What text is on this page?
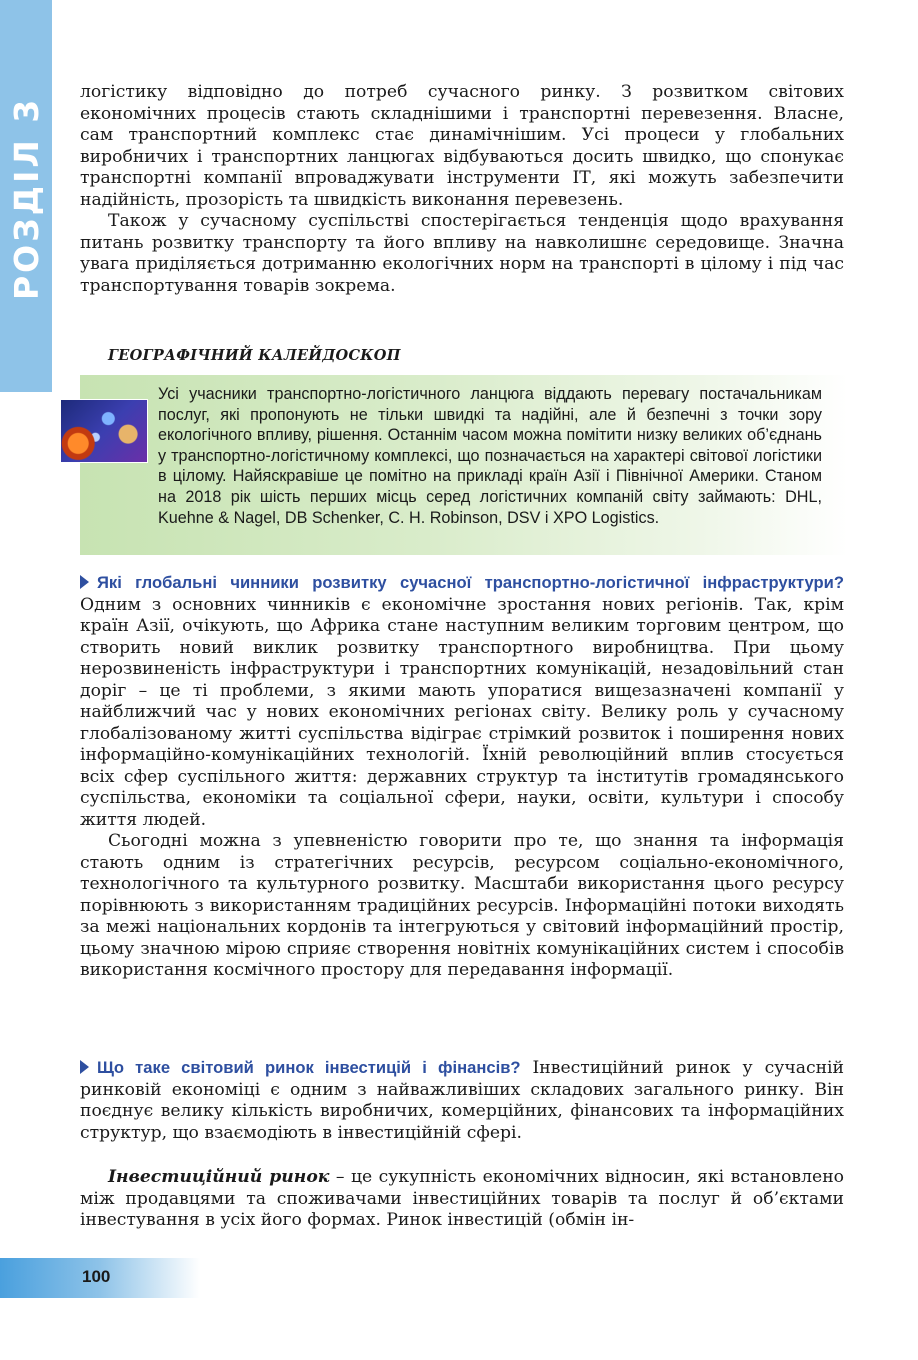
РОЗДІЛ 3

логістику відповідно до потреб сучасного ринку. З розвитком світових економічних процесів стають складнішими і транспортні перевезення. Власне, сам транспортний комплекс стає динамічнішим. Усі процеси у глобальних виробничих і транспортних ланцюгах відбуваються досить швидко, що спонукає транспортні компанії впроваджувати інструменти ІТ, які можуть забезпечити надійність, прозорість та швидкість виконання перевезень.

Також у сучасному суспільстві спостерігається тенденція щодо врахування питань розвитку транспорту та його впливу на навколишнє середовище. Значна увага приділяється дотриманню екологічних норм на транспорті в цілому і під час транспортування товарів зокрема.

ГЕОГРАФІЧНИЙ КАЛЕЙДОСКОП

Усі учасники транспортно-логістичного ланцюга віддають перевагу постачальникам послуг, які пропонують не тільки швидкі та надійні, але й безпечні з точки зору екологічного впливу, рішення. Останнім часом можна помітити низку великих об’єднань у транспортно-логістичному комплексі, що позначається на характері світової логістики в цілому. Найяскравіше це помітно на прикладі країн Азії і Північної Америки. Станом на 2018 рік шість перших місць серед логістичних компаній світу займають: DHL, Kuehne & Nagel, DB Schenker, C. H. Robinson, DSV і XPO Logistics.

Які глобальні чинники розвитку сучасної транспортно-логістичної інфраструктури? Одним з основних чинників є економічне зростання нових регіонів. Так, крім країн Азії, очікують, що Африка стане наступним великим торговим центром, що створить новий виклик розвитку транспортного виробництва. При цьому нерозвиненість інфраструктури і транспортних комунікацій, незадовільний стан доріг – це ті проблеми, з якими мають упоратися вищезазначені компанії у найближчий час у нових економічних регіонах світу. Велику роль у сучасному глобалізованому житті суспільства відіграє стрімкий розвиток і поширення нових інформаційно-комунікаційних технологій. Їхній революційний вплив стосується всіх сфер суспільного життя: державних структур та інститутів громадянського суспільства, економіки та соціальної сфери, науки, освіти, культури і способу життя людей.

Сьогодні можна з упевненістю говорити про те, що знання та інформація стають одним із стратегічних ресурсів, ресурсом соціально-економічного, технологічного та культурного розвитку. Масштаби використання цього ресурсу порівнюють з використанням традиційних ресурсів. Інформаційні потоки виходять за межі національних кордонів та інтегруються у світовий інформаційний простір, цьому значною мірою сприяє створення новітніх комунікаційних систем і способів використання космічного простору для передавання інформації.

Що таке світовий ринок інвестицій і фінансів? Інвестиційний ринок у сучасній ринковій економіці є одним з найважливіших складових загального ринку. Він поєднує велику кількість виробничих, комерційних, фінансових та інформаційних структур, що взаємодіють в інвестиційній сфері.

Інвестиційний ринок – це сукупність економічних відносин, які встановлено між продавцями та споживачами інвестиційних товарів та послуг й об’єктами інвестування в усіх його формах. Ринок інвестицій (обмін ін-

100
